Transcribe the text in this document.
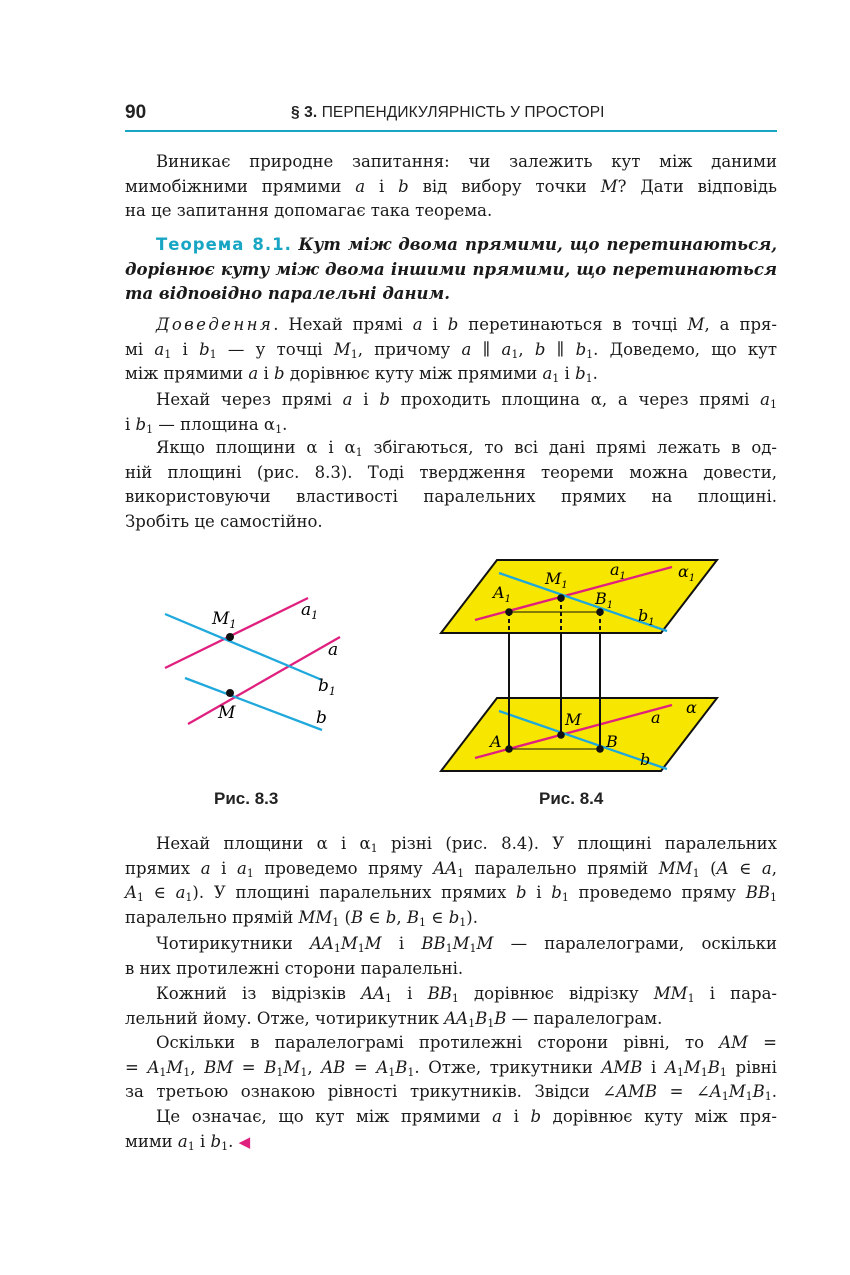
90	§ 3. ПЕРПЕНДИКУЛЯРНІСТЬ У ПРОСТОРІ
Виникає природне запитання: чи залежить кут між даними
мимобіжними прямими a і b від вибору точки M? Дати відповідь
на це запитання допомагає така теорема.
Теорема 8.1. Кут між двома прямими, що перетинаються,
дорівнює куту між двома іншими прямими, що перетинаються
та відповідно паралельні даним.
Доведення. Нехай прямі a і b перетинаються в точці M, а пря-
мі $a_1$ і $b_1$ — у точці $M_1$, причому a ∥ $a_1$, b ∥ $b_1$. Доведемо, що кут
між прямими a і b дорівнює куту між прямими $a_1$ і $b_1$.
Нехай через прямі a і b проходить площина α, а через прямі $a_1$
і $b_1$ — площина $\alpha_1$.
Якщо площини α і $\alpha_1$ збігаються, то всі дані прямі лежать в од-
ній площині (рис. 8.3). Тоді твердження теореми можна довести,
використовуючи властивості паралельних прямих на площині.
Зробіть це самостійно.
$M_1$
$a_1$
a
$b_1$
M	b
$M_1$
$a_1$	$\alpha_1$
$A_1$	$B_1$
$b_1$
M	a
α
A	B
b
Рис. 8.3	Рис. 8.4
Нехай площини α і $\alpha_1$ різні (рис. 8.4). У площині паралельних
прямих a і $a_1$ проведемо пряму $AA_1$ паралельно прямій $MM_1$ (A ∈ a,
$A_1$ ∈ $a_1$). У площині паралельних прямих b і $b_1$ проведемо пряму $BB_1$
паралельно прямій $MM_1$ (B ∈ b, $B_1$ ∈ $b_1$).
Чотирикутники $AA_1M_1M$ і $BB_1M_1M$ — паралелограми, оскільки
в них протилежні сторони паралельні.
Кожний із відрізків $AA_1$ і $BB_1$ дорівнює відрізку $MM_1$ і пара-
лельний йому. Отже, чотирикутник $AA_1B_1B$ — паралелограм.
Оскільки в паралелограмі протилежні сторони рівні, то AM =
= $A_1M_1$, BM = $B_1M_1$, AB = $A_1B_1$. Отже, трикутники AMB і $A_1M_1B_1$ рівні
за третьою ознакою рівності трикутників. Звідси ∠AMB = $\angle A_1M_1B_1$.
Це означає, що кут між прямими a і b дорівнює куту між пря-
мими $a_1$ і $b_1$. ◀
